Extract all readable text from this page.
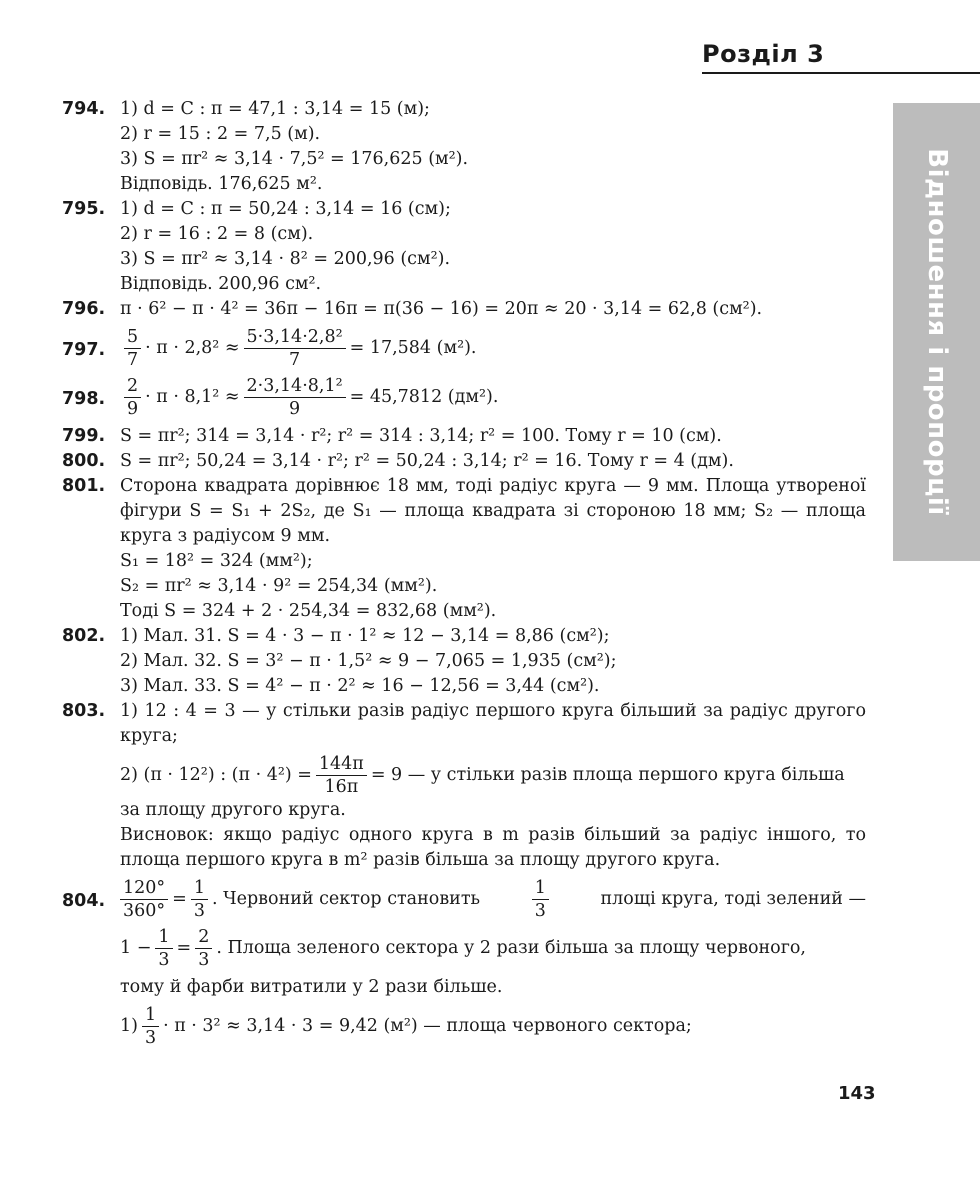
Розділ 3
Відношення і пропорції
794. 1) d = C : π = 47,1 : 3,14 = 15 (м);
2) r = 15 : 2 = 7,5 (м).
3) S = πr² ≈ 3,14 · 7,5² = 176,625 (м²).
Відповідь. 176,625 м².
795. 1) d = C : π = 50,24 : 3,14 = 16 (см);
2) r = 16 : 2 = 8 (см).
3) S = πr² ≈ 3,14 · 8² = 200,96 (см²).
Відповідь. 200,96 см².
796. π · 6² − π · 4² = 36π − 16π = π(36 − 16) = 20π ≈ 20 · 3,14 = 62,8 (см²).
797.	$\frac{5}{7} \cdot \pi \cdot 2,8^2 \approx \frac{\text{5·3,14·2,8²}}{7} = 17,584$ (м²).
798.	$\frac{2}{9} \cdot \pi \cdot 8,1^2 \approx \frac{\text{2·3,14·8,1²}}{9} = 45,7812$ (дм²).
799. S = πr²; 314 = 3,14 · r²; r² = 314 : 3,14; r² = 100. Тому r = 10 (см).
800. S = πr²; 50,24 = 3,14 · r²; r² = 50,24 : 3,14; r² = 16. Тому r = 4 (дм).
801. Сторона квадрата дорівнює 18 мм, тоді радіус круга — 9 мм. Площа утвореної фігури S = S₁ + 2S₂, де S₁ — площа квадрата зі стороною 18 мм; S₂ — площа круга з радіусом 9 мм.
S₁ = 18² = 324 (мм²);
S₂ = πr² ≈ 3,14 · 9² = 254,34 (мм²).
Тоді S = 324 + 2 · 254,34 = 832,68 (мм²).
802. 1) Мал. 31. S = 4 · 3 − π · 1² ≈ 12 − 3,14 = 8,86 (см²);
2) Мал. 32. S = 3² − π · 1,5² ≈ 9 − 7,065 = 1,935 (см²);
3) Мал. 33. S = 4² − π · 2² ≈ 16 − 12,56 = 3,44 (см²).
803. 1) 12 : 4 = 3 — у стільки разів радіус першого круга більший за радіус другого круга;
2) (π · 12²) : $(\pi \cdot 4^2) = \frac{144\pi}{16\pi} = 9$ — у стільки разів площа першого круга більша
за площу другого круга.
Висновок: якщо радіус одного круга в m разів більший за радіус іншого, то площа першого круга в m² разів більша за площу другого круга.
804. $\frac{120^\circ}{360^\circ} = \frac{1}{3}$ . Червоний сектор становить	$\frac{1}{3}$	площі круга, тоді зелений —
$1 - \frac{1}{3} = \frac{2}{3}$ . Площа зеленого сектора у 2 рази більша за площу червоного,
тому й фарби витратили у 2 рази більше.
$1) \frac{1}{3} \cdot \pi \cdot 3^2 \approx 3,14 \cdot 3 = 9,42$ (м²) — площа червоного сектора;
143
